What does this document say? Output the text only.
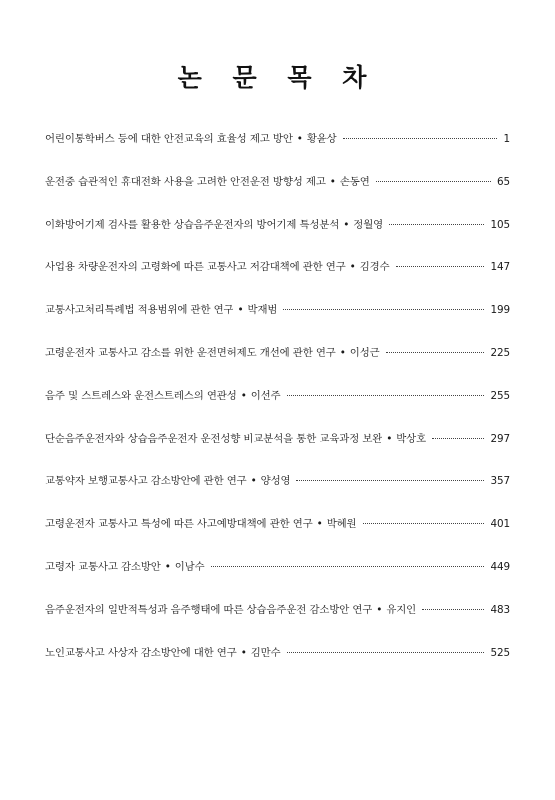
논 문 목 차
어린이통학버스 등에 대한 안전교육의 효율성 제고 방안 • 황윤상	1
운전중 습관적인 휴대전화 사용을 고려한 안전운전 방향성 제고 • 손동연	65
이화방어기제 검사를 활용한 상습음주운전자의 방어기제 특성분석 • 정월영	105
사업용 차량운전자의 고령화에 따른 교통사고 저감대책에 관한 연구 • 김경수	147
교통사고처리특례법 적용범위에 관한 연구 • 박재범	199
고령운전자 교통사고 감소를 위한 운전면허제도 개선에 관한 연구 • 이성근	225
음주 및 스트레스와 운전스트레스의 연관성 • 이선주	255
단순음주운전자와 상습음주운전자 운전성향 비교분석을 통한 교육과정 보완 • 박상호	297
교통약자 보행교통사고 감소방안에 관한 연구 • 양성영	357
고령운전자 교통사고 특성에 따른 사고예방대책에 관한 연구 • 박혜원	401
고령자 교통사고 감소방안 • 이남수	449
음주운전자의 일반적특성과 음주행태에 따른 상습음주운전 감소방안 연구 • 유지인	483
노인교통사고 사상자 감소방안에 대한 연구 • 김만수	525
